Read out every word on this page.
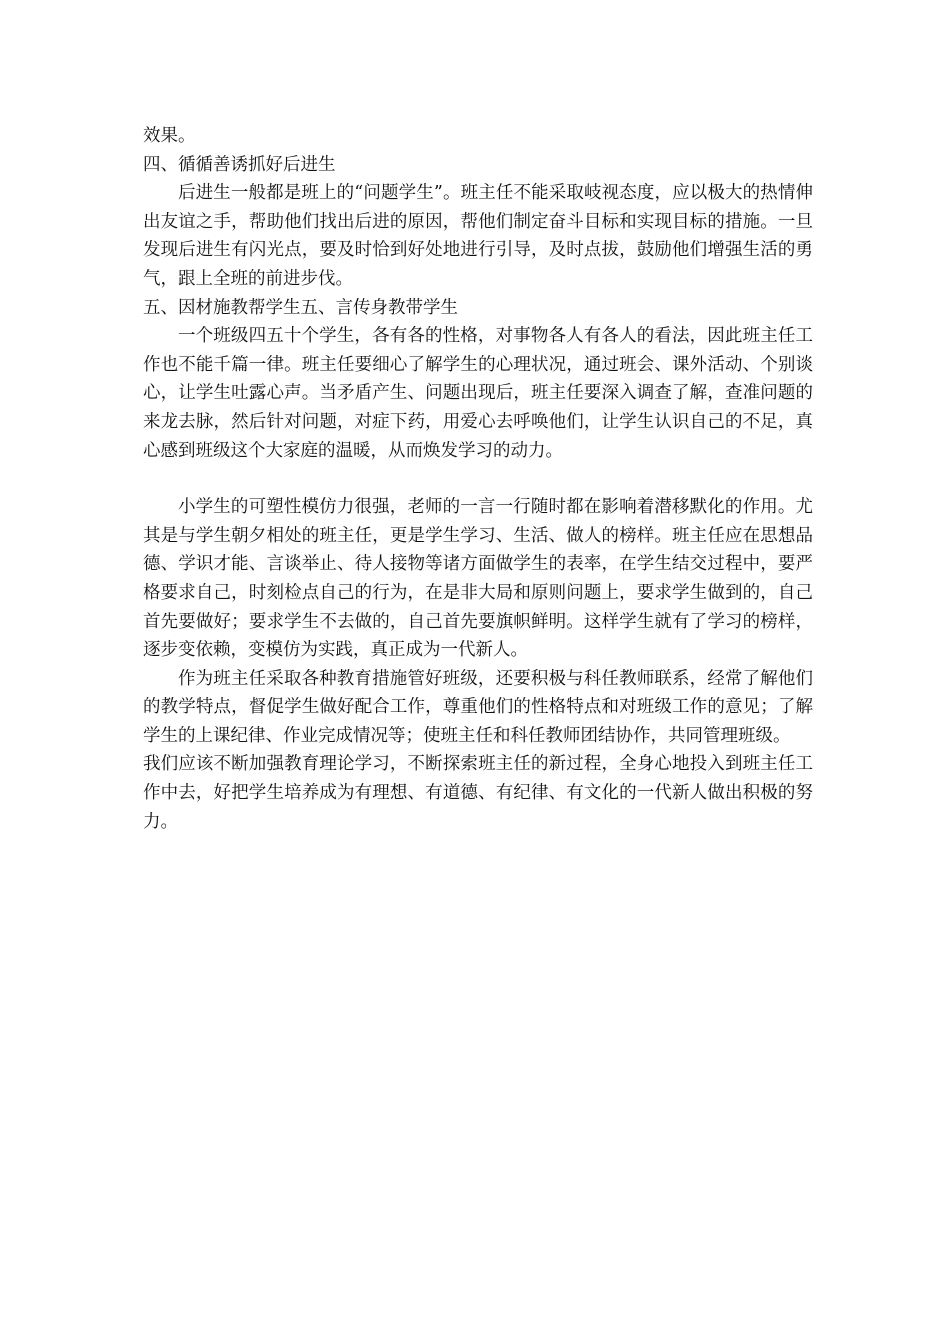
效果。

四、循循善诱抓好后进生

后进生一般都是班上的“问题学生”。班主任不能采取岐视态度，应以极大的热情伸出友谊之手，帮助他们找出后进的原因，帮他们制定奋斗目标和实现目标的措施。一旦发现后进生有闪光点，要及时恰到好处地进行引导，及时点拔，鼓励他们增强生活的勇气，跟上全班的前进步伐。

五、因材施教帮学生五、言传身教带学生

一个班级四五十个学生，各有各的性格，对事物各人有各人的看法，因此班主任工作也不能千篇一律。班主任要细心了解学生的心理状况，通过班会、课外活动、个别谈心，让学生吐露心声。当矛盾产生、问题出现后，班主任要深入调查了解，查准问题的来龙去脉，然后针对问题，对症下药，用爱心去呼唤他们，让学生认识自己的不足，真心感到班级这个大家庭的温暖，从而焕发学习的动力。

小学生的可塑性模仿力很强，老师的一言一行随时都在影响着潜移默化的作用。尤其是与学生朝夕相处的班主任，更是学生学习、生活、做人的榜样。班主任应在思想品德、学识才能、言谈举止、待人接物等诸方面做学生的表率，在学生结交过程中，要严格要求自己，时刻检点自己的行为，在是非大局和原则问题上，要求学生做到的，自己首先要做好；要求学生不去做的，自己首先要旗帜鲜明。这样学生就有了学习的榜样，逐步变依赖，变模仿为实践，真正成为一代新人。

作为班主任采取各种教育措施管好班级，还要积极与科任教师联系，经常了解他们的教学特点，督促学生做好配合工作，尊重他们的性格特点和对班级工作的意见；了解学生的上课纪律、作业完成情况等；使班主任和科任教师团结协作，共同管理班级。

我们应该不断加强教育理论学习，不断探索班主任的新过程，全身心地投入到班主任工作中去，好把学生培养成为有理想、有道德、有纪律、有文化的一代新人做出积极的努力。
